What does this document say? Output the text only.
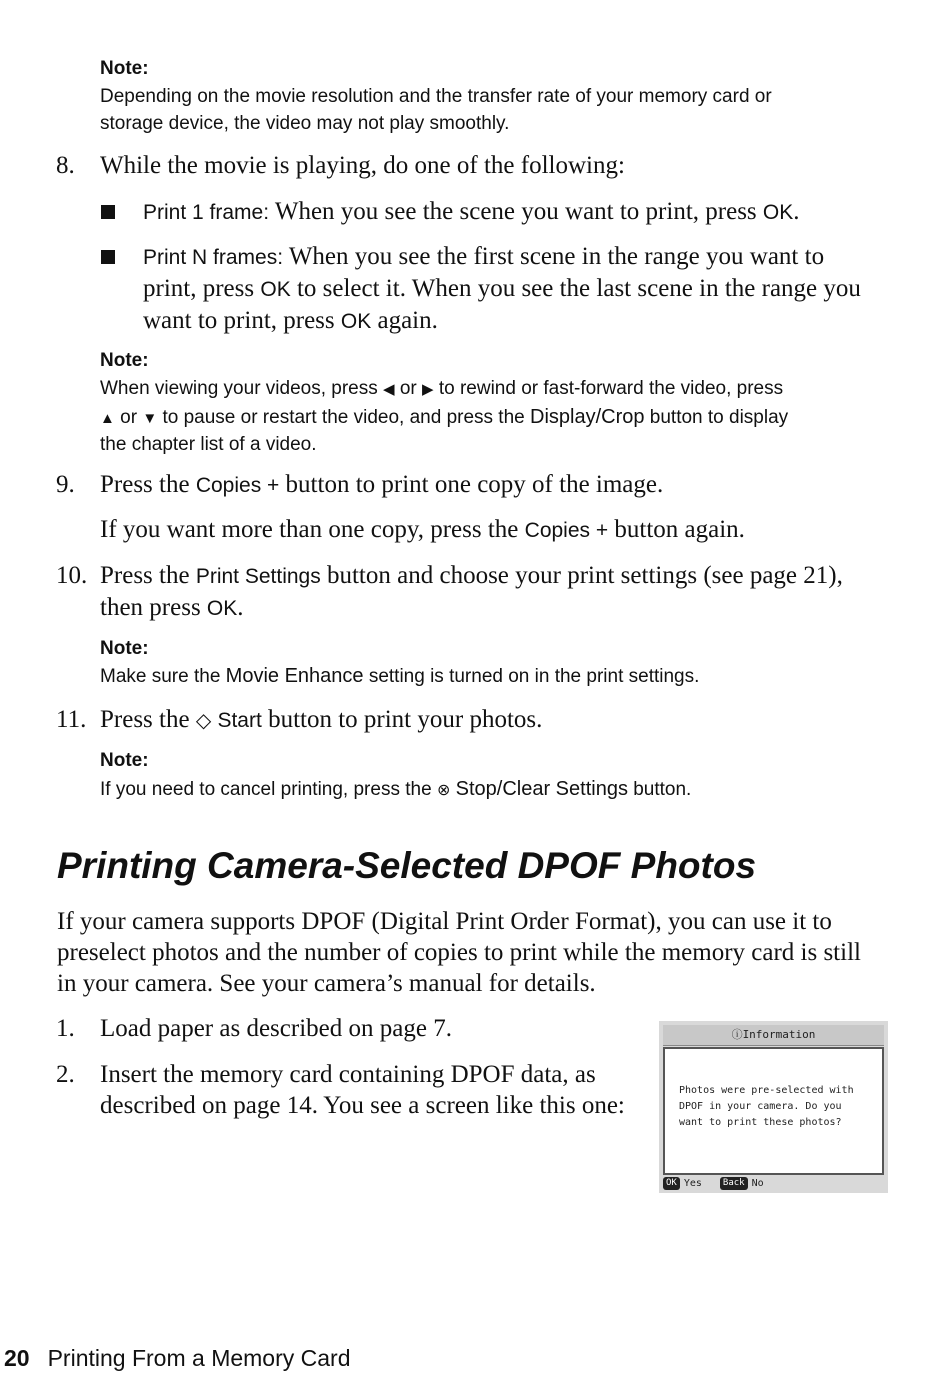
Note:
Depending on the movie resolution and the transfer rate of your memory card or
storage device, the video may not play smoothly.
8. While the movie is playing, do one of the following:
Print 1 frame: When you see the scene you want to print, press OK.
Print N frames: When you see the first scene in the range you want to
print, press OK to select it. When you see the last scene in the range you
want to print, press OK again.
Note:
When viewing your videos, press ◀ or ▶ to rewind or fast-forward the video, press
▲ or ▼ to pause or restart the video, and press the Display/Crop button to display
the chapter list of a video.
9. Press the Copies + button to print one copy of the image.
If you want more than one copy, press the Copies + button again.
10. Press the Print Settings button and choose your print settings (see page 21),
then press OK.
Note:
Make sure the Movie Enhance setting is turned on in the print settings.
11. Press the ◇ Start button to print your photos.
Note:
If you need to cancel printing, press the ⊗ Stop/Clear Settings button.
Printing Camera-Selected DPOF Photos
If your camera supports DPOF (Digital Print Order Format), you can use it to
preselect photos and the number of copies to print while the memory card is still
in your camera. See your camera’s manual for details.
1. Load paper as described on page 7.
2. Insert the memory card containing DPOF data, as
described on page 14. You see a screen like this one:
ⓘInformation
Photos were pre-selected with
DPOF in your camera. Do you
want to print these photos?
OK Yes	Back No
20 Printing From a Memory Card
